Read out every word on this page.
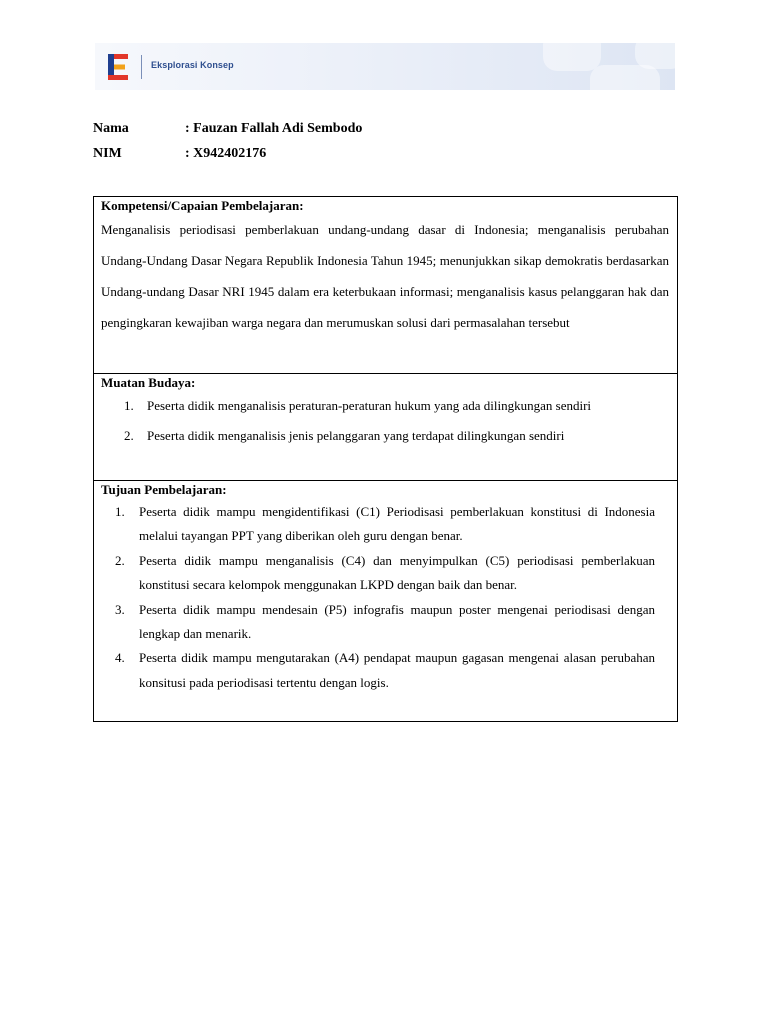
Eksplorasi Konsep
Nama	: Fauzan Fallah Adi Sembodo
NIM	: X942402176
Kompetensi/Capaian Pembelajaran:

Menganalisis periodisasi pemberlakuan undang-undang dasar di Indonesia; menganalisis perubahan Undang-Undang Dasar Negara Republik Indonesia Tahun 1945; menunjukkan sikap demokratis berdasarkan Undang-undang Dasar NRI 1945 dalam era keterbukaan informasi; menganalisis kasus pelanggaran hak dan pengingkaran kewajiban warga negara dan merumuskan solusi dari permasalahan tersebut

Muatan Budaya:
1.	Peserta didik menganalisis peraturan-peraturan hukum yang ada dilingkungan sendiri
2.	Peserta didik menganalisis jenis pelanggaran yang terdapat dilingkungan sendiri

Tujuan Pembelajaran:
1.	Peserta didik mampu mengidentifikasi (C1) Periodisasi pemberlakuan konstitusi di Indonesia melalui tayangan PPT yang diberikan oleh guru dengan benar.
2.	Peserta didik mampu menganalisis (C4) dan menyimpulkan (C5) periodisasi pemberlakuan konstitusi secara kelompok menggunakan LKPD dengan baik dan benar.
3.	Peserta didik mampu mendesain (P5) infografis maupun poster mengenai periodisasi dengan lengkap dan menarik.
4.	Peserta didik mampu mengutarakan (A4) pendapat maupun gagasan mengenai alasan perubahan konsitusi pada periodisasi tertentu dengan logis.
